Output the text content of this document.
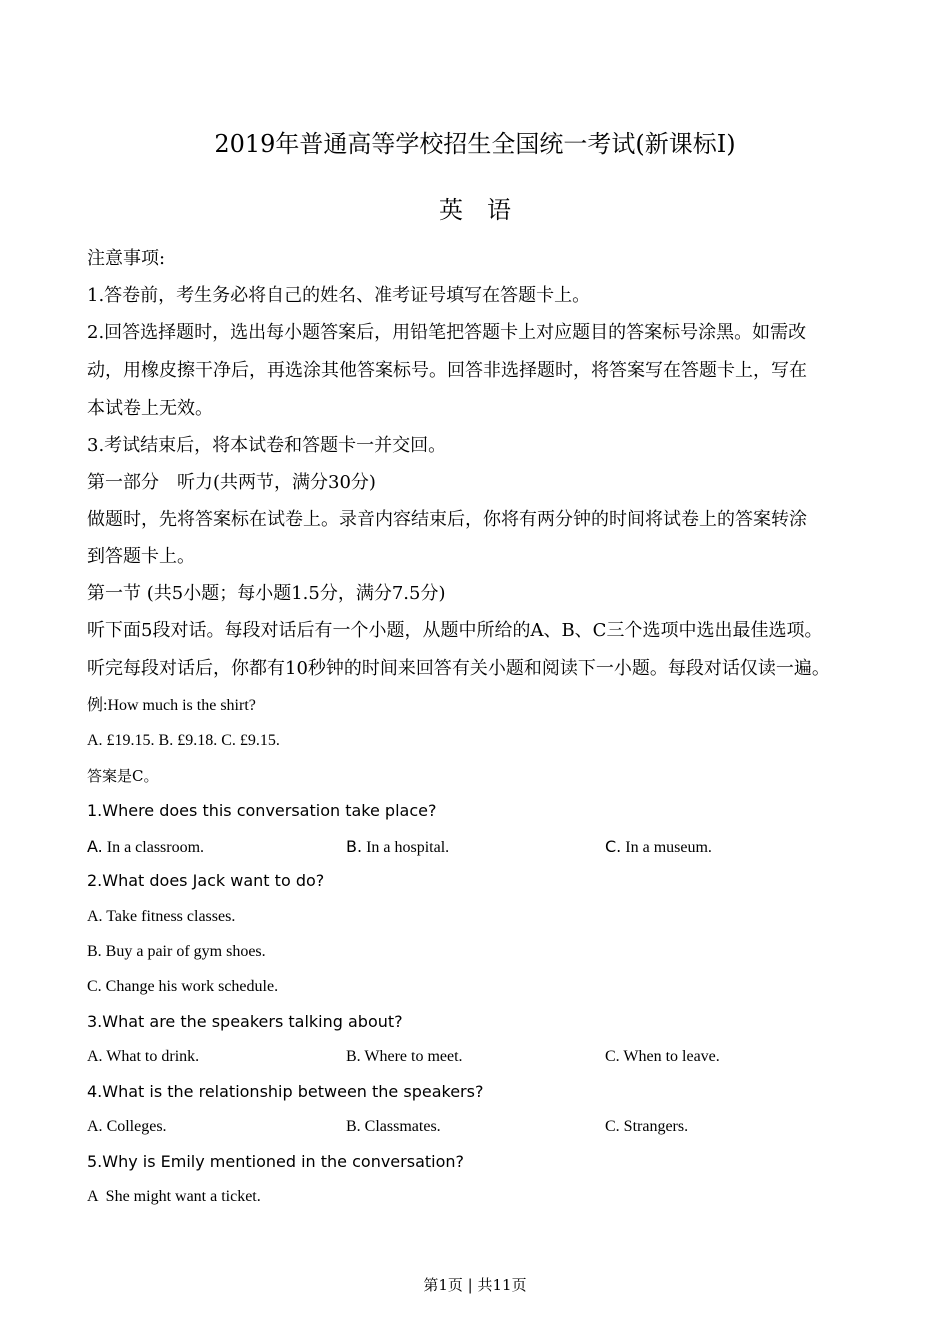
2019年普通高等学校招生全国统一考试(新课标I)
英　语
注意事项:
1.答卷前，考生务必将自己的姓名、准考证号填写在答题卡上。
2.回答选择题时，选出每小题答案后，用铅笔把答题卡上对应题目的答案标号涂黑。如需改
动，用橡皮擦干净后，再选涂其他答案标号。回答非选择题时，将答案写在答题卡上，写在
本试卷上无效。
3.考试结束后，将本试卷和答题卡一并交回。
第一部分　听力(共两节，满分30分)
做题时，先将答案标在试卷上。录音内容结束后，你将有两分钟的时间将试卷上的答案转涂
到答题卡上。
第一节 (共5小题；每小题1.5分，满分7.5分)
听下面5段对话。每段对话后有一个小题，从题中所给的A、B、C三个选项中选出最佳选项。
听完每段对话后，你都有10秒钟的时间来回答有关小题和阅读下一小题。每段对话仅读一遍。
例:How much is the shirt?
A. £19.15. B. £9.18. C. £9.15.
答案是C。
1.Where does this conversation take place?
A. In a classroom.	B. In a hospital.	C. In a museum.
2.What does Jack want to do?
A. Take fitness classes.
B. Buy a pair of gym shoes.
C. Change his work schedule.
3.What are the speakers talking about?
A. What to drink.	B. Where to meet.	C. When to leave.
4.What is the relationship between the speakers?
A. Colleges.	B. Classmates.	C. Strangers.
5.Why is Emily mentioned in the conversation?
A  She might want a ticket.
第1页 | 共11页
